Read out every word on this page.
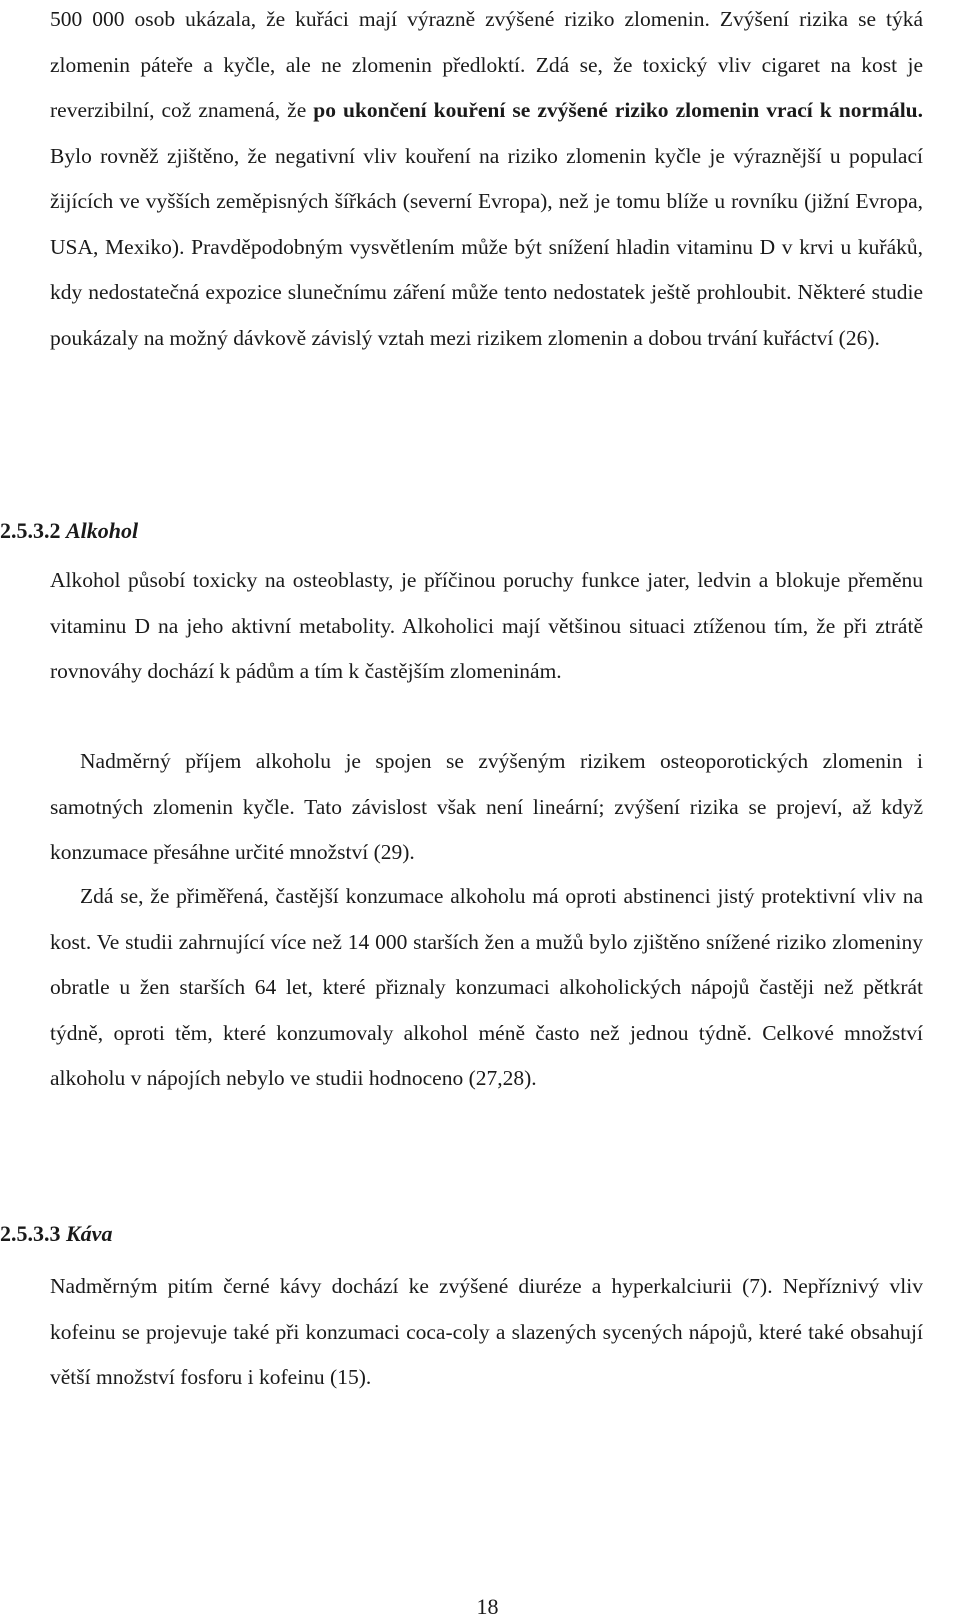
500 000 osob ukázala, že kuřáci mají výrazně zvýšené riziko zlomenin. Zvýšení rizika se týká zlomenin páteře a kyčle, ale ne zlomenin předloktí. Zdá se, že toxický vliv cigaret na kost je reverzibilní, což znamená, že po ukončení kouření se zvýšené riziko zlomenin vrací k normálu. Bylo rovněž zjištěno, že negativní vliv kouření na riziko zlomenin kyčle je výraznější u populací žijících ve vyšších zeměpisných šířkách (severní Evropa), než je tomu blíže u rovníku (jižní Evropa, USA, Mexiko). Pravděpodobným vysvětlením může být snížení hladin vitaminu D v krvi u kuřáků, kdy nedostatečná expozice slunečnímu záření může tento nedostatek ještě prohloubit. Některé studie poukázaly na možný dávkově závislý vztah mezi rizikem zlomenin a dobou trvání kuřáctví (26).

2.5.3.2 Alkohol

Alkohol působí toxicky na osteoblasty, je příčinou poruchy funkce jater, ledvin a blokuje přeměnu vitaminu D na jeho aktivní metabolity. Alkoholici mají většinou situaci ztíženou tím, že při ztrátě rovnováhy dochází k pádům a tím k častějším zlomeninám.

Nadměrný příjem alkoholu je spojen se zvýšeným rizikem osteoporotických zlomenin i samotných zlomenin kyčle. Tato závislost však není lineární; zvýšení rizika se projeví, až když konzumace přesáhne určité množství (29).

Zdá se, že přiměřená, častější konzumace alkoholu má oproti abstinenci jistý protektivní vliv na kost. Ve studii zahrnující více než 14 000 starších žen a mužů bylo zjištěno snížené riziko zlomeniny obratle u žen starších 64 let, které přiznaly konzumaci alkoholických nápojů častěji než pětkrát týdně, oproti těm, které konzumovaly alkohol méně často než jednou týdně. Celkové množství alkoholu v nápojích nebylo ve studii hodnoceno (27,28).

2.5.3.3 Káva

Nadměrným pitím černé kávy dochází ke zvýšené diuréze a hyperkalciurii (7). Nepříznivý vliv kofeinu se projevuje také při konzumaci coca-coly a slazených sycených nápojů, které také obsahují větší množství fosforu i kofeinu (15).

18
